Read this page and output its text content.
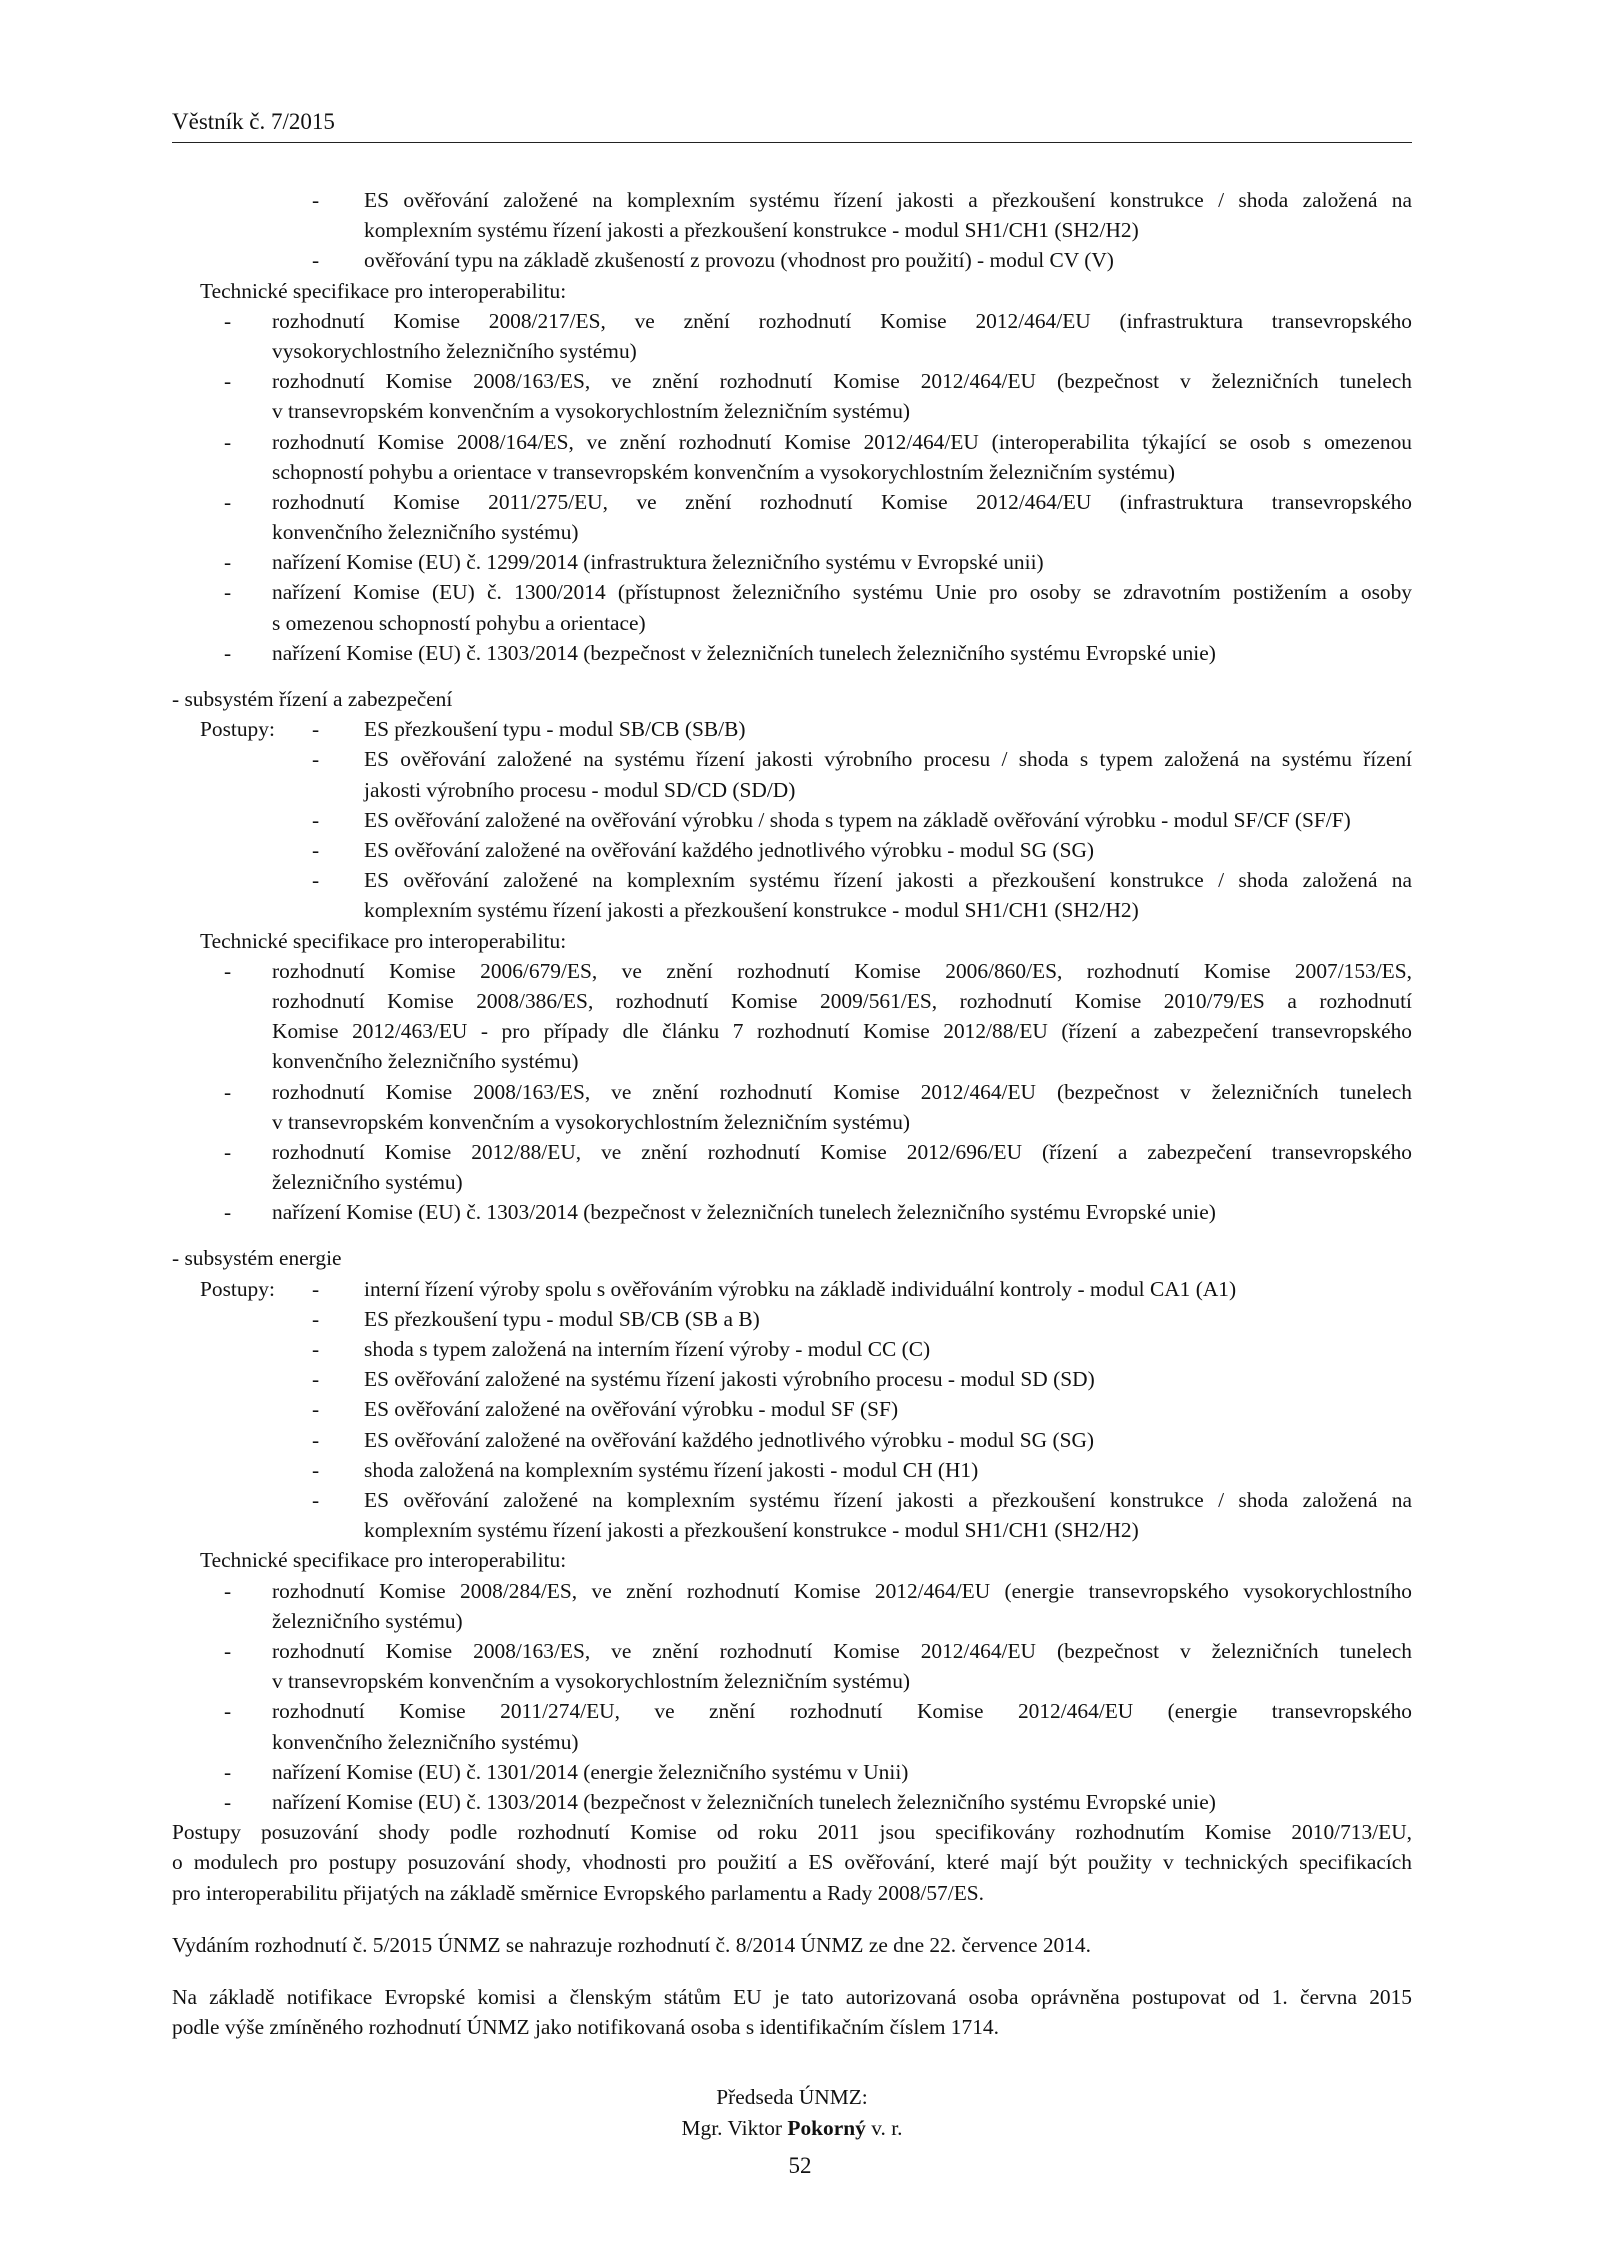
Věstník č. 7/2015
-	ES ověřování založené na komplexním systému řízení jakosti a přezkoušení konstrukce / shoda založená na
komplexním systému řízení jakosti a přezkoušení konstrukce - modul SH1/CH1 (SH2/H2)
-	ověřování typu na základě zkušeností z provozu (vhodnost pro použití) - modul CV (V)
Technické specifikace pro interoperabilitu:
-	rozhodnutí Komise 2008/217/ES, ve znění rozhodnutí Komise 2012/464/EU (infrastruktura transevropského
vysokorychlostního železničního systému)
-	rozhodnutí Komise 2008/163/ES, ve znění rozhodnutí Komise 2012/464/EU (bezpečnost v železničních tunelech
v transevropském konvenčním a vysokorychlostním železničním systému)
-	rozhodnutí Komise 2008/164/ES, ve znění rozhodnutí Komise 2012/464/EU (interoperabilita týkající se osob s omezenou
schopností pohybu a orientace v transevropském konvenčním a vysokorychlostním železničním systému)
-	rozhodnutí Komise 2011/275/EU, ve znění rozhodnutí Komise 2012/464/EU (infrastruktura transevropského
konvenčního železničního systému)
-	nařízení Komise (EU) č. 1299/2014 (infrastruktura železničního systému v Evropské unii)
-	nařízení Komise (EU) č. 1300/2014 (přístupnost železničního systému Unie pro osoby se zdravotním postižením a osoby
s omezenou schopností pohybu a orientace)
-	nařízení Komise (EU) č. 1303/2014 (bezpečnost v železničních tunelech železničního systému Evropské unie)
- subsystém řízení a zabezpečení
Postupy:	-	ES přezkoušení typu - modul SB/CB (SB/B)
-	ES ověřování založené na systému řízení jakosti výrobního procesu / shoda s typem založená na systému řízení
jakosti výrobního procesu - modul SD/CD (SD/D)
-	ES ověřování založené na ověřování výrobku / shoda s typem na základě ověřování výrobku - modul SF/CF (SF/F)
-	ES ověřování založené na ověřování každého jednotlivého výrobku - modul SG (SG)
-	ES ověřování založené na komplexním systému řízení jakosti a přezkoušení konstrukce / shoda založená na
komplexním systému řízení jakosti a přezkoušení konstrukce - modul SH1/CH1 (SH2/H2)
Technické specifikace pro interoperabilitu:
-	rozhodnutí Komise 2006/679/ES, ve znění rozhodnutí Komise 2006/860/ES, rozhodnutí Komise 2007/153/ES,
rozhodnutí Komise 2008/386/ES, rozhodnutí Komise 2009/561/ES, rozhodnutí Komise 2010/79/ES a rozhodnutí
Komise 2012/463/EU - pro případy dle článku 7 rozhodnutí Komise 2012/88/EU (řízení a zabezpečení transevropského
konvenčního železničního systému)
-	rozhodnutí Komise 2008/163/ES, ve znění rozhodnutí Komise 2012/464/EU (bezpečnost v železničních tunelech
v transevropském konvenčním a vysokorychlostním železničním systému)
-	rozhodnutí Komise 2012/88/EU, ve znění rozhodnutí Komise 2012/696/EU (řízení a zabezpečení transevropského
železničního systému)
-	nařízení Komise (EU) č. 1303/2014 (bezpečnost v železničních tunelech železničního systému Evropské unie)
- subsystém energie
Postupy:	-	interní řízení výroby spolu s ověřováním výrobku na základě individuální kontroly - modul CA1 (A1)
-	ES přezkoušení typu - modul SB/CB (SB a B)
-	shoda s typem založená na interním řízení výroby - modul CC (C)
-	ES ověřování založené na systému řízení jakosti výrobního procesu - modul SD (SD)
-	ES ověřování založené na ověřování výrobku - modul SF (SF)
-	ES ověřování založené na ověřování každého jednotlivého výrobku - modul SG (SG)
-	shoda založená na komplexním systému řízení jakosti - modul CH (H1)
-	ES ověřování založené na komplexním systému řízení jakosti a přezkoušení konstrukce / shoda založená na
komplexním systému řízení jakosti a přezkoušení konstrukce - modul SH1/CH1 (SH2/H2)
Technické specifikace pro interoperabilitu:
-	rozhodnutí Komise 2008/284/ES, ve znění rozhodnutí Komise 2012/464/EU (energie transevropského vysokorychlostního
železničního systému)
-	rozhodnutí Komise 2008/163/ES, ve znění rozhodnutí Komise 2012/464/EU (bezpečnost v železničních tunelech
v transevropském konvenčním a vysokorychlostním železničním systému)
-	rozhodnutí Komise 2011/274/EU, ve znění rozhodnutí Komise 2012/464/EU (energie transevropského
konvenčního železničního systému)
-	nařízení Komise (EU) č. 1301/2014 (energie železničního systému v Unii)
-	nařízení Komise (EU) č. 1303/2014 (bezpečnost v železničních tunelech železničního systému Evropské unie)
Postupy posuzování shody podle rozhodnutí Komise od roku 2011 jsou specifikovány rozhodnutím Komise 2010/713/EU,
o modulech pro postupy posuzování shody, vhodnosti pro použití a ES ověřování, které mají být použity v technických specifikacích
pro interoperabilitu přijatých na základě směrnice Evropského parlamentu a Rady 2008/57/ES.
Vydáním rozhodnutí č. 5/2015 ÚNMZ se nahrazuje rozhodnutí č. 8/2014 ÚNMZ ze dne 22. července 2014.
Na základě notifikace Evropské komisi a členským státům EU je tato autorizovaná osoba oprávněna postupovat od 1. června 2015
podle výše zmíněného rozhodnutí ÚNMZ jako notifikovaná osoba s identifikačním číslem 1714.
Předseda ÚNMZ:
Mgr. Viktor Pokorný v. r.
52
